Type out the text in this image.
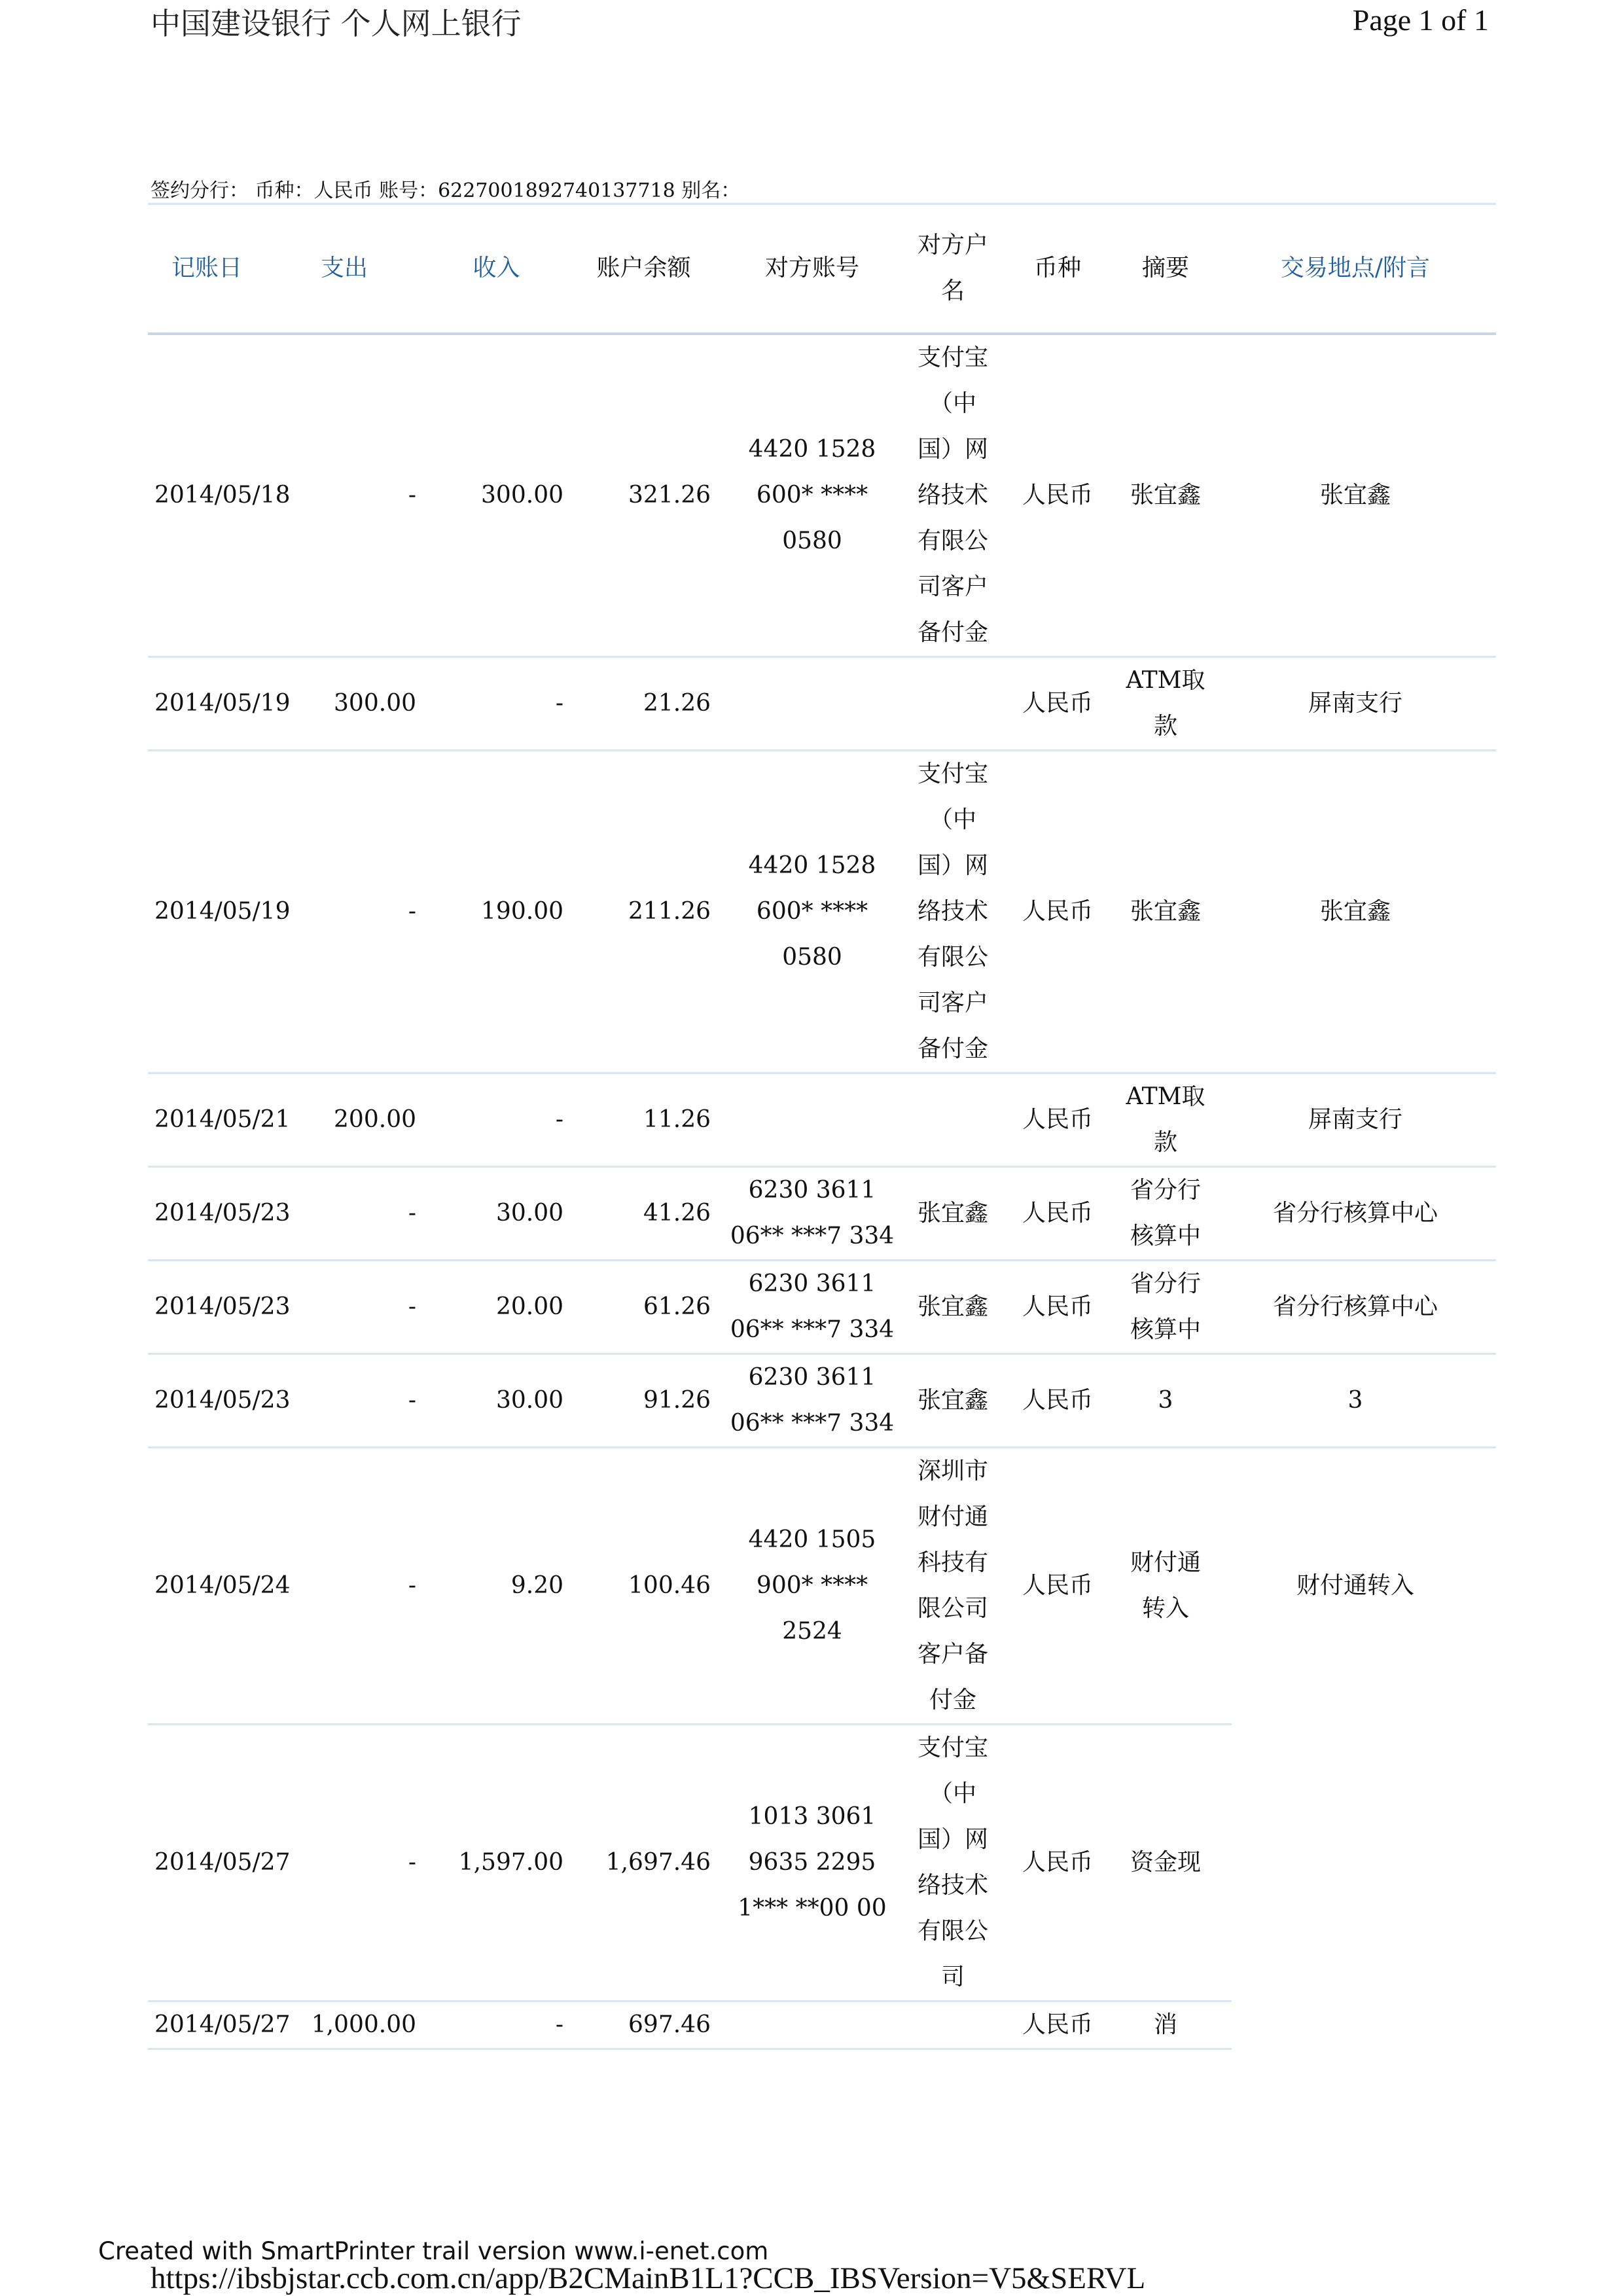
中国建设银行 个人网上银行	Page 1 of 1
签约分行： 币种：人民币 账号：6227001892740137718 别名：
记账日	支出	收入	账户余额	对方账号	对方户名	币种	摘要	交易地点/附言
2014/05/18	-	300.00	321.26	4420 1528 600* **** 0580	支付宝（中国）网络技术有限公司客户备付金	人民币	张宜鑫	张宜鑫
2014/05/19	300.00	-	21.26			人民币	ATM取款	屏南支行
2014/05/19	-	190.00	211.26	4420 1528 600* **** 0580	支付宝（中国）网络技术有限公司客户备付金	人民币	张宜鑫	张宜鑫
2014/05/21	200.00	-	11.26			人民币	ATM取款	屏南支行
2014/05/23	-	30.00	41.26	6230 3611 06** ***7 334	张宜鑫	人民币	省分行核算中	省分行核算中心
2014/05/23	-	20.00	61.26	6230 3611 06** ***7 334	张宜鑫	人民币	省分行核算中	省分行核算中心
2014/05/23	-	30.00	91.26	6230 3611 06** ***7 334	张宜鑫	人民币	3	3
2014/05/24	-	9.20	100.46	4420 1505 900* **** 2524	深圳市财付通科技有限公司客户备付金	人民币	财付通转入	财付通转入
2014/05/27	-	1,597.00	1,697.46	1013 3061 9635 2295 1*** **00 00	支付宝（中国）网络技术有限公司	人民币	资金现	
2014/05/27	1,000.00	-	697.46			人民币	消	
Created with SmartPrinter trail version www.i-enet.com
https://ibsbjstar.ccb.com.cn/app/B2CMainB1L1?CCB_IBSVersion=V5&SERVL
